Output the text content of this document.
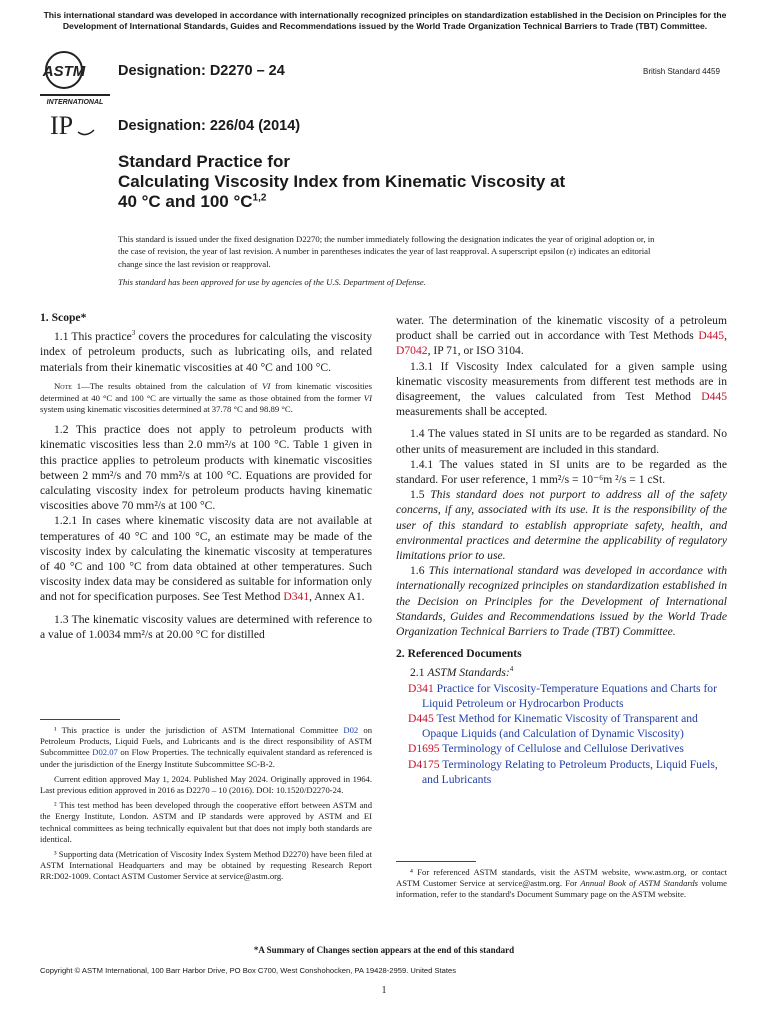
This international standard was developed in accordance with internationally recognized principles on standardization established in the Decision on Principles for the Development of International Standards, Guides and Recommendations issued by the World Trade Organization Technical Barriers to Trade (TBT) Committee.
ASTM
INTERNATIONAL
Designation: D2270 – 24	British Standard 4459
IP	Designation: 226/04 (2014)
Standard Practice for
Calculating Viscosity Index from Kinematic Viscosity at
40 °C and 100 $^\circ C^{1,2}$

This standard is issued under the fixed designation D2270; the number immediately following the designation indicates the year of original adoption or, in the case of revision, the year of last revision. A number in parentheses indicates the year of last reapproval. A superscript epsilon (ε) indicates an editorial change since the last revision or reapproval.

This standard has been approved for use by agencies of the U.S. Department of Defense.

1. Scope*

1.1 This practice$^3$ covers the procedures for calculating the viscosity index of petroleum products, such as lubricating oils, and related materials from their kinematic viscosities at 40 °C and 100 °C.

Note 1—The results obtained from the calculation of VI from kinematic viscosities determined at 40 °C and 100 °C are virtually the same as those obtained from the former VI system using kinematic viscosities determined at 37.78 °C and 98.89 °C.

1.2 This practice does not apply to petroleum products with kinematic viscosities less than 2.0 mm²/s at 100 °C. Table 1 given in this practice applies to petroleum products with kinematic viscosities between 2 mm²/s and 70 mm²/s at 100 °C. Equations are provided for calculating viscosity index for petroleum products having kinematic viscosities above 70 mm²/s at 100 °C.

1.2.1 In cases where kinematic viscosity data are not available at temperatures of 40 °C and 100 °C, an estimate may be made of the viscosity index by calculating the kinematic viscosity at temperatures of 40 °C and 100 °C from data obtained at other temperatures. Such viscosity index data may be considered as suitable for information only and not for specification purposes. See Test Method D341, Annex A1.

1.3 The kinematic viscosity values are determined with reference to a value of 1.0034 mm²/s at 20.00 °C for distilled

water. The determination of the kinematic viscosity of a petroleum product shall be carried out in accordance with Test Methods D445, D7042, IP 71, or ISO 3104.

1.3.1 If Viscosity Index calculated for a given sample using kinematic viscosity measurements from different test methods are in disagreement, the values calculated from Test Method D445 measurements shall be accepted.

1.4 The values stated in SI units are to be regarded as standard. No other units of measurement are included in this standard.

1.4.1 The values stated in SI units are to be regarded as the standard. For user reference, 1 mm²/s = 10⁻⁶m ²/s = 1 cSt.

1.5 This standard does not purport to address all of the safety concerns, if any, associated with its use. It is the responsibility of the user of this standard to establish appropriate safety, health, and environmental practices and determine the applicability of regulatory limitations prior to use.

1.6 This international standard was developed in accordance with internationally recognized principles on standardization established in the Decision on Principles for the Development of International Standards, Guides and Recommendations issued by the World Trade Organization Technical Barriers to Trade (TBT) Committee.

2. Referenced Documents

2.1 ASTM Standards:$^4$

D341 Practice for Viscosity-Temperature Equations and Charts for Liquid Petroleum or Hydrocarbon Products
D445 Test Method for Kinematic Viscosity of Transparent and Opaque Liquids (and Calculation of Dynamic Viscosity)
D1695 Terminology of Cellulose and Cellulose Derivatives
D4175 Terminology Relating to Petroleum Products, Liquid Fuels, and Lubricants

¹ This practice is under the jurisdiction of ASTM International Committee D02 on Petroleum Products, Liquid Fuels, and Lubricants and is the direct responsibility of ASTM Subcommittee D02.07 on Flow Properties. The technically equivalent standard as referenced is under the jurisdiction of the Energy Institute Subcommittee SC-B-2.

Current edition approved May 1, 2024. Published May 2024. Originally approved in 1964. Last previous edition approved in 2016 as D2270 – 10 (2016). DOI: 10.1520/D2270-24.

² This test method has been developed through the cooperative effort between ASTM and the Energy Institute, London. ASTM and IP standards were approved by ASTM and EI technical committees as being technically equivalent but that does not imply both standards are identical.

³ Supporting data (Metrication of Viscosity Index System Method D2270) have been filed at ASTM International Headquarters and may be obtained by requesting Research Report RR:D02-1009. Contact ASTM Customer Service at service@astm.org.	⁴ For referenced ASTM standards, visit the ASTM website, www.astm.org, or contact ASTM Customer Service at service@astm.org. For Annual Book of ASTM Standards volume information, refer to the standard's Document Summary page on the ASTM website.

*A Summary of Changes section appears at the end of this standard
Copyright © ASTM International, 100 Barr Harbor Drive, PO Box C700, West Conshohocken, PA 19428-2959. United States
1
